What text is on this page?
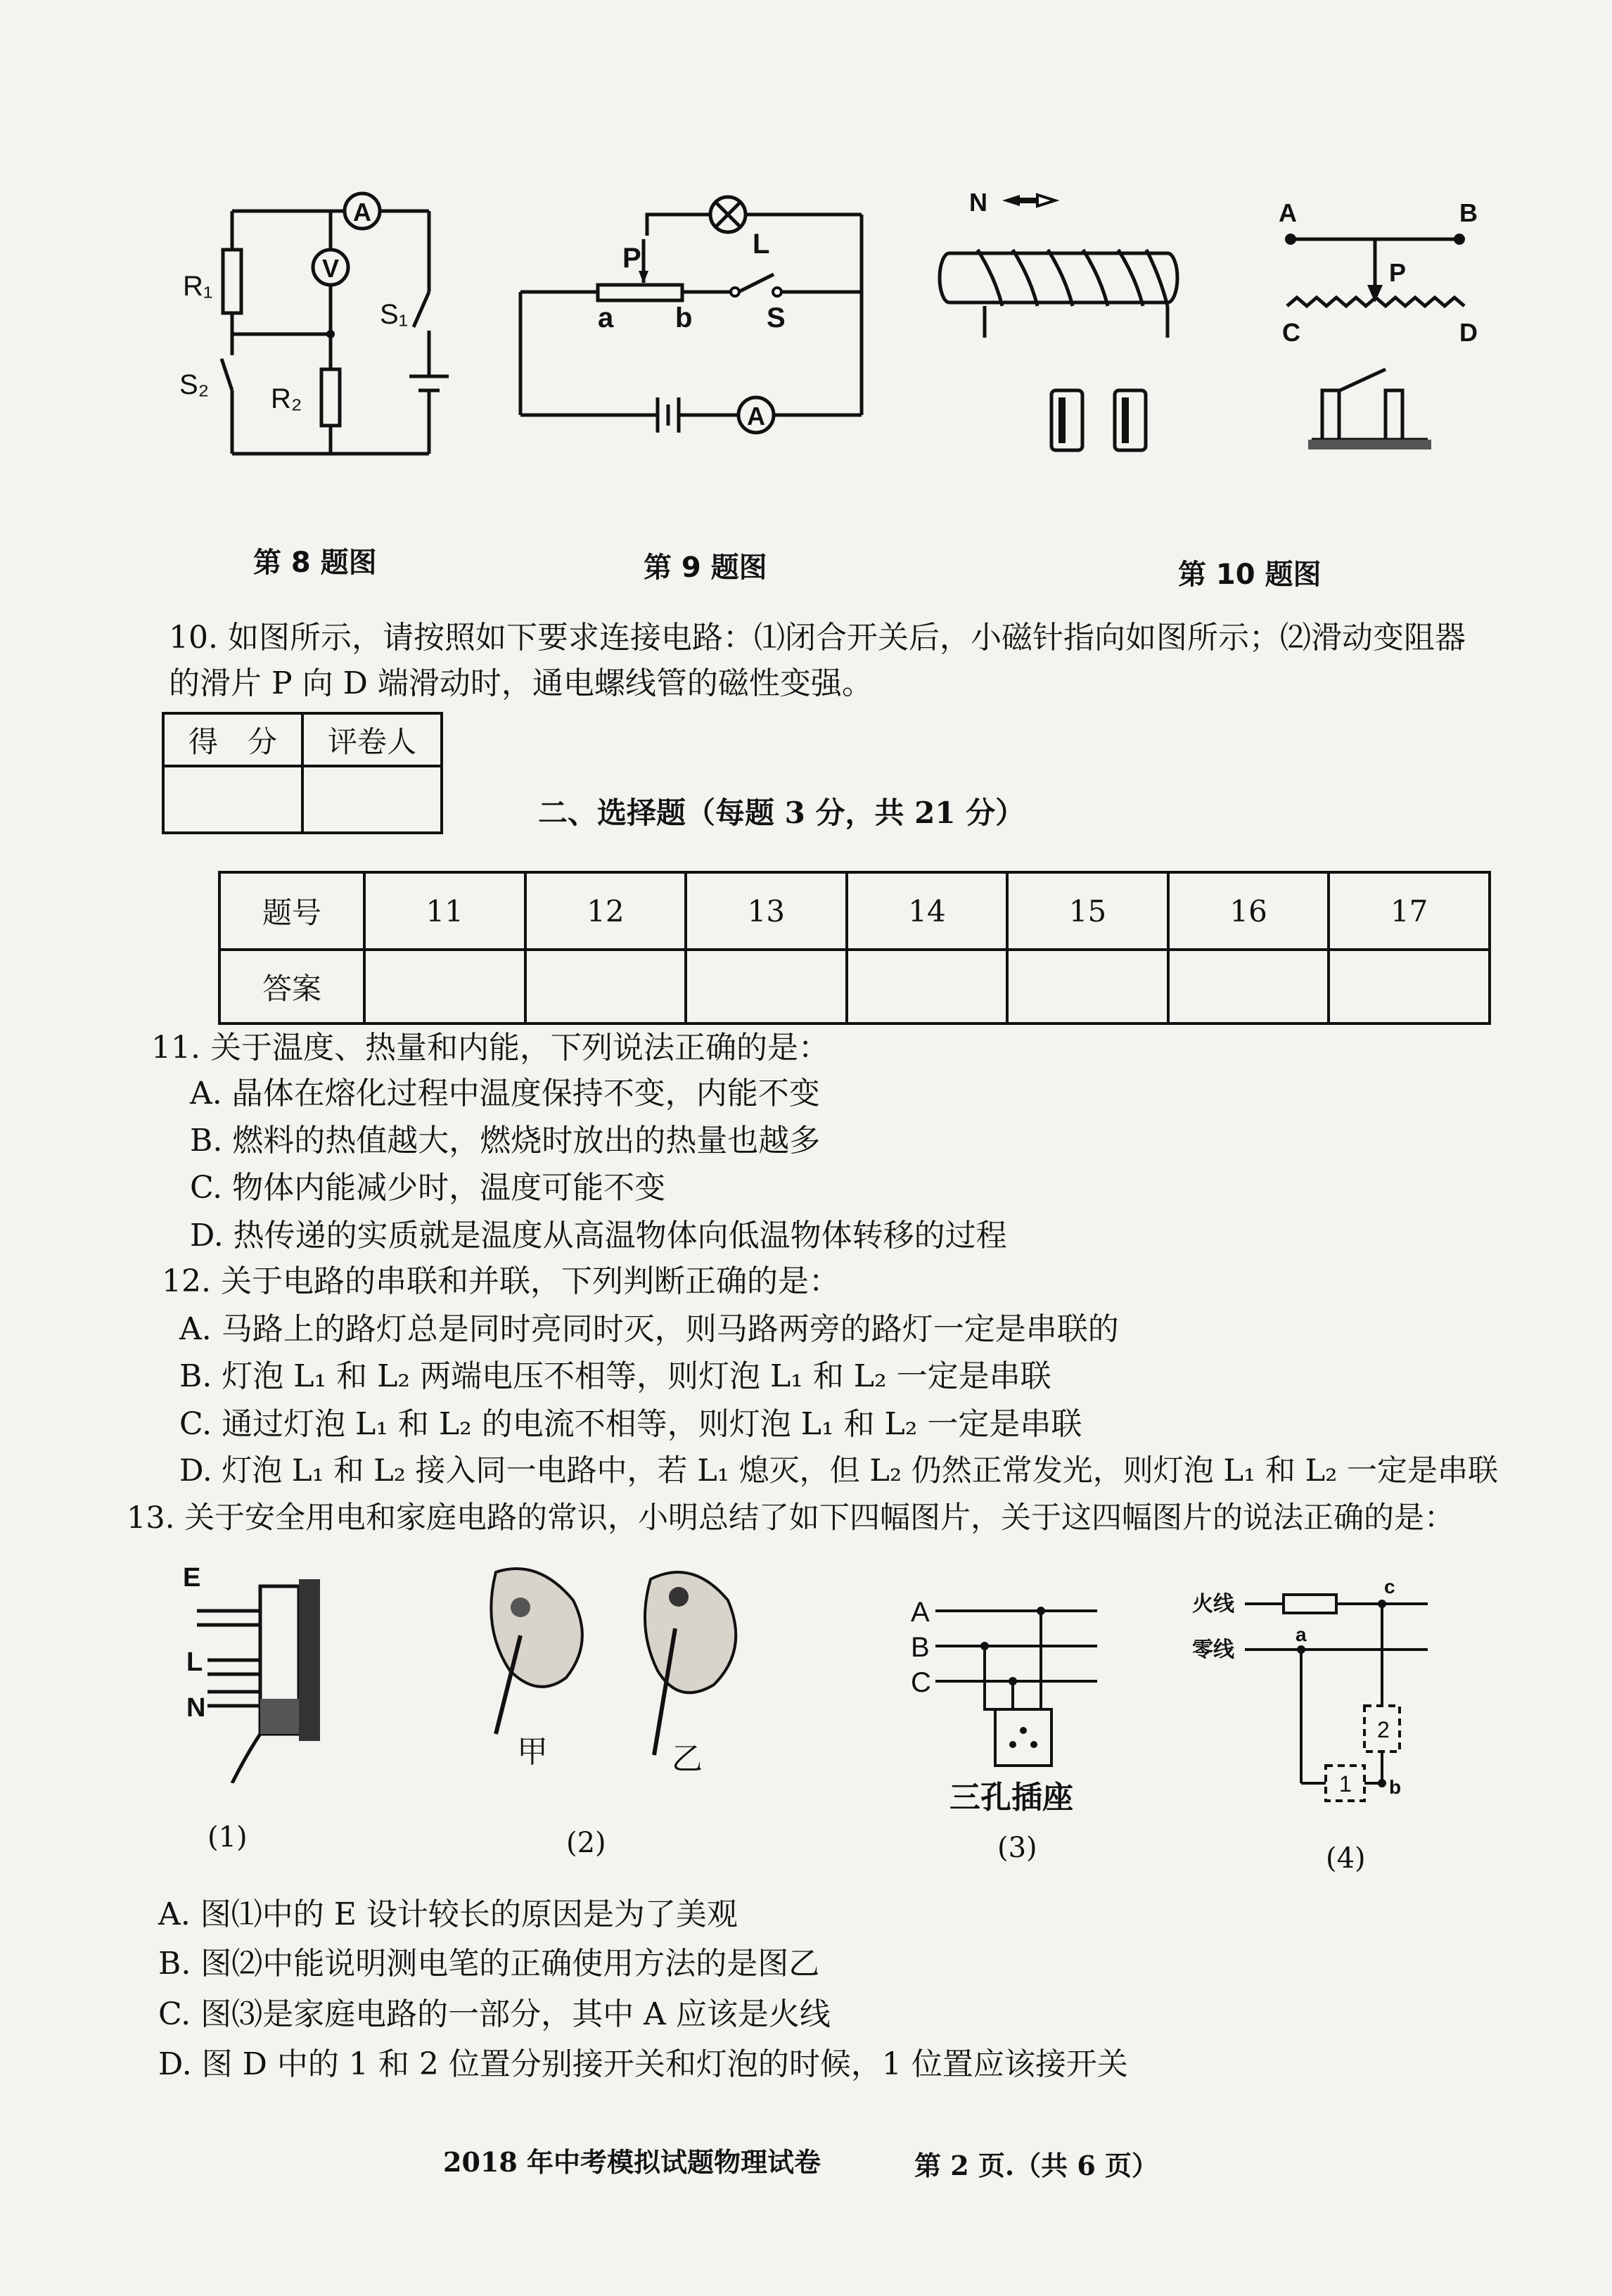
A
V
R₁
R₂
S₁
S₂
第 8 题图
L
P
a b	S
A
第 9 题图
N	A	B
P
C	D
第 10 题图
10. 如图所示，请按照如下要求连接电路：⑴闭合开关后，小磁针指向如图所示；⑵滑动变阻器
的滑片 P 向 D 端滑动时，通电螺线管的磁性变强。
得　分	评卷人

二、选择题（每题 3 分，共 21 分）
题号	11	12	13	14	15	16	17
答案							
11. 关于温度、热量和内能，下列说法正确的是：
A. 晶体在熔化过程中温度保持不变，内能不变
B. 燃料的热值越大，燃烧时放出的热量也越多
C. 物体内能减少时，温度可能不变
D. 热传递的实质就是温度从高温物体向低温物体转移的过程
12. 关于电路的串联和并联，下列判断正确的是：
A. 马路上的路灯总是同时亮同时灭，则马路两旁的路灯一定是串联的
B. 灯泡 L₁ 和 L₂ 两端电压不相等，则灯泡 L₁ 和 L₂ 一定是串联
C. 通过灯泡 L₁ 和 L₂ 的电流不相等，则灯泡 L₁ 和 L₂ 一定是串联
D. 灯泡 L₁ 和 L₂ 接入同一电路中，若 L₁ 熄灭，但 L₂ 仍然正常发光，则灯泡 L₁ 和 L₂ 一定是串联
13. 关于安全用电和家庭电路的常识，小明总结了如下四幅图片，关于这四幅图片的说法正确的是：
E
L
N
(1)
甲	乙
(2)
A
B
C
三孔插座
(3)
火线
零线
c
a
b
2
1
(4)
A. 图⑴中的 E 设计较长的原因是为了美观
B. 图⑵中能说明测电笔的正确使用方法的是图乙
C. 图⑶是家庭电路的一部分，其中 A 应该是火线
D. 图 D 中的 1 和 2 位置分别接开关和灯泡的时候，1 位置应该接开关
2018 年中考模拟试题物理试卷	第 2 页.（共 6 页）
